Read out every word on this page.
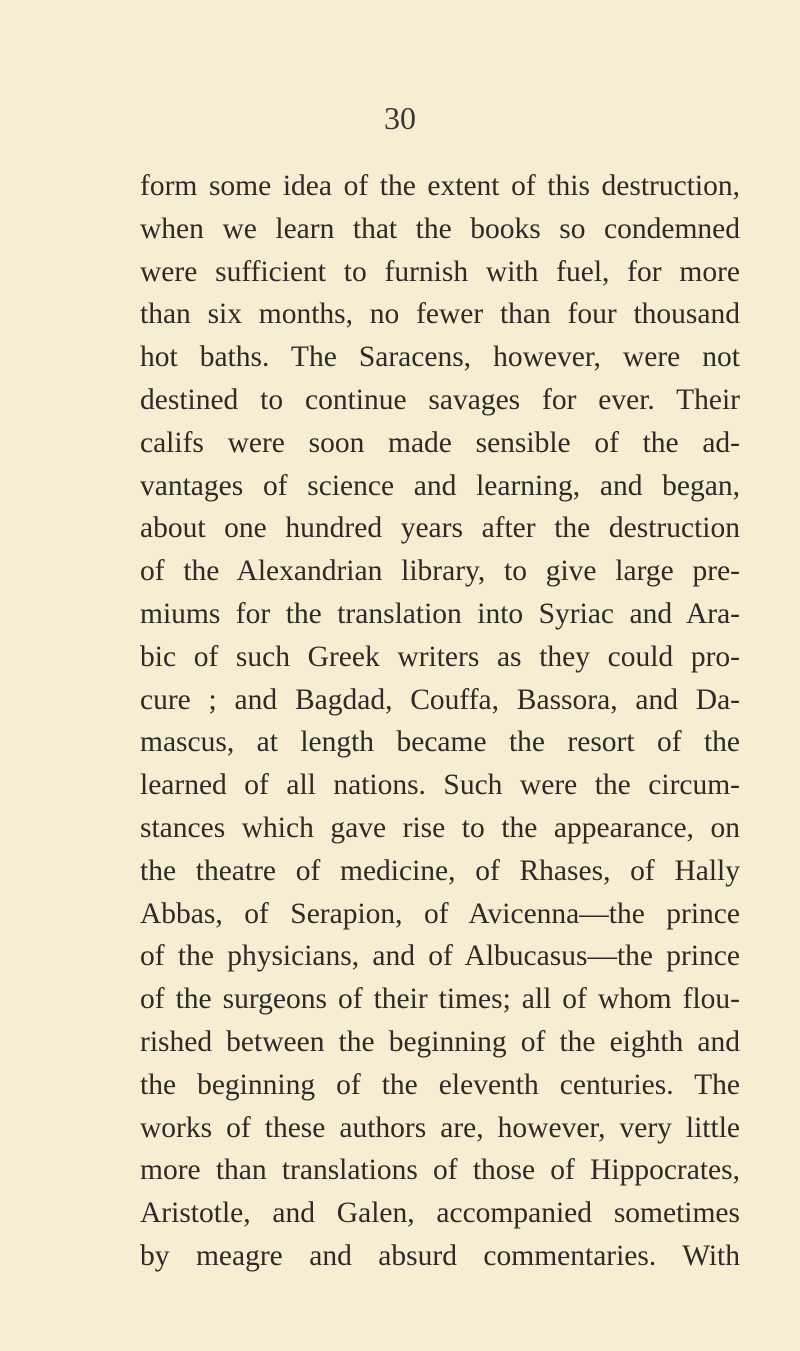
30
form some idea of the extent of this destruction,
when we learn that the books so condemned
were sufficient to furnish with fuel, for more
than six months, no fewer than four thousand
hot baths. The Saracens, however, were not
destined to continue savages for ever. Their
califs were soon made sensible of the ad-
vantages of science and learning, and began,
about one hundred years after the destruction
of the Alexandrian library, to give large pre-
miums for the translation into Syriac and Ara-
bic of such Greek writers as they could pro-
cure ; and Bagdad, Couffa, Bassora, and Da-
mascus, at length became the resort of the
learned of all nations. Such were the circum-
stances which gave rise to the appearance, on
the theatre of medicine, of Rhases, of Hally
Abbas, of Serapion, of Avicenna—the prince
of the physicians, and of Albucasus—the prince
of the surgeons of their times; all of whom flou-
rished between the beginning of the eighth and
the beginning of the eleventh centuries. The
works of these authors are, however, very little
more than translations of those of Hippocrates,
Aristotle, and Galen, accompanied sometimes
by meagre and absurd commentaries. With
